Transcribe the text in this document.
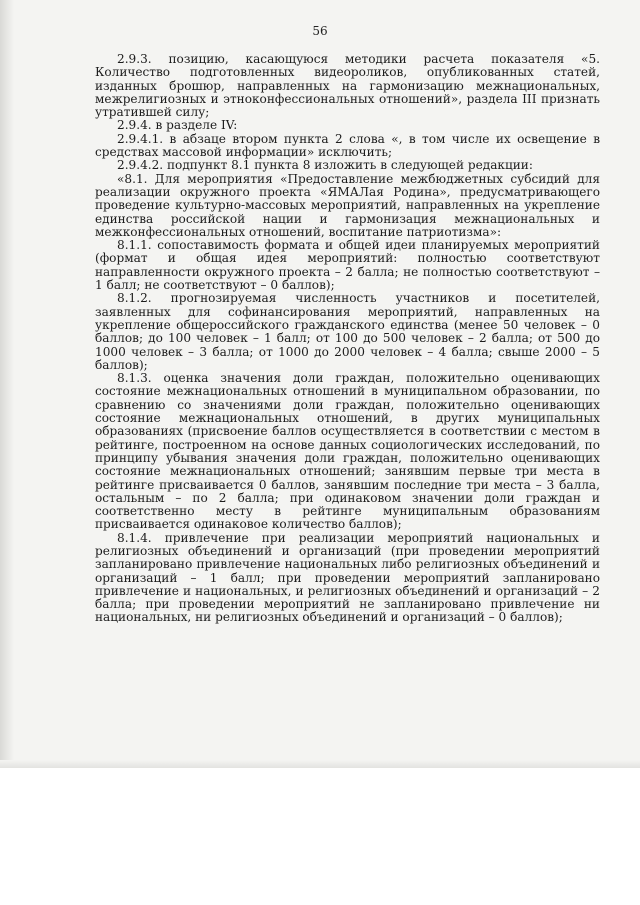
56

2.9.3. позицию, касающуюся методики расчета показателя «5. Количество подготовленных видеороликов, опубликованных статей, изданных брошюр, направленных на гармонизацию межнациональных, межрелигиозных и этноконфессиональных отношений», раздела III признать утратившей силу;

2.9.4. в разделе IV:

2.9.4.1. в абзаце втором пункта 2 слова «, в том числе их освещение в средствах массовой информации» исключить;

2.9.4.2. подпункт 8.1 пункта 8 изложить в следующей редакции:

«8.1. Для мероприятия «Предоставление межбюджетных субсидий для реализации окружного проекта «ЯМАЛая Родина», предусматривающего проведение культурно-массовых мероприятий, направленных на укрепление единства российской нации и гармонизация межнациональных и межконфессиональных отношений, воспитание патриотизма»:

8.1.1. сопоставимость формата и общей идеи планируемых мероприятий (формат и общая идея мероприятий: полностью соответствуют направленности окружного проекта – 2 балла; не полностью соответствуют – 1 балл; не соответствуют – 0 баллов);

8.1.2. прогнозируемая численность участников и посетителей, заявленных для софинансирования мероприятий, направленных на укрепление общероссийского гражданского единства (менее 50 человек – 0 баллов; до 100 человек – 1 балл; от 100 до 500 человек – 2 балла; от 500 до 1000 человек – 3 балла; от 1000 до 2000 человек – 4 балла; свыше 2000 – 5 баллов);

8.1.3. оценка значения доли граждан, положительно оценивающих состояние межнациональных отношений в муниципальном образовании, по сравнению со значениями доли граждан, положительно оценивающих состояние межнациональных отношений, в других муниципальных образованиях (присвоение баллов осуществляется в соответствии с местом в рейтинге, построенном на основе данных социологических исследований, по принципу убывания значения доли граждан, положительно оценивающих состояние межнациональных отношений; занявшим первые три места в рейтинге присваивается 0 баллов, занявшим последние три места – 3 балла, остальным – по 2 балла; при одинаковом значении доли граждан и соответственно месту в рейтинге муниципальным образованиям присваивается одинаковое количество баллов);

8.1.4. привлечение при реализации мероприятий национальных и религиозных объединений и организаций (при проведении мероприятий запланировано привлечение национальных либо религиозных объединений и организаций – 1 балл; при проведении мероприятий запланировано привлечение и национальных, и религиозных объединений и организаций – 2 балла; при проведении мероприятий не запланировано привлечение ни национальных, ни религиозных объединений и организаций – 0 баллов);
